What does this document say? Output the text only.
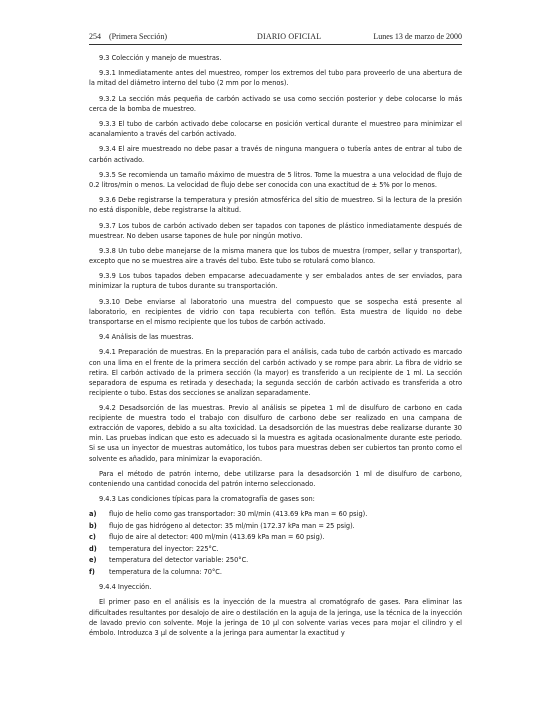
254 (Primera Sección)	DIARIO OFICIAL	Lunes 13 de marzo de 2000

9.3 Colección y manejo de muestras.

9.3.1 Inmediatamente antes del muestreo, romper los extremos del tubo para proveerlo de una abertura de la mitad del diámetro interno del tubo (2 mm por lo menos).

9.3.2 La sección más pequeña de carbón activado se usa como sección posterior y debe colocarse lo más cerca de la bomba de muestreo.

9.3.3 El tubo de carbón activado debe colocarse en posición vertical durante el muestreo para minimizar el acanalamiento a través del carbón activado.

9.3.4 El aire muestreado no debe pasar a través de ninguna manguera o tubería antes de entrar al tubo de carbón activado.

9.3.5 Se recomienda un tamaño máximo de muestra de 5 litros. Tome la muestra a una velocidad de flujo de 0.2 litros/min o menos. La velocidad de flujo debe ser conocida con una exactitud de ± 5% por lo menos.

9.3.6 Debe registrarse la temperatura y presión atmosférica del sitio de muestreo. Si la lectura de la presión no está disponible, debe registrarse la altitud.

9.3.7 Los tubos de carbón activado deben ser tapados con tapones de plástico inmediatamente después de muestrear. No deben usarse tapones de hule por ningún motivo.

9.3.8 Un tubo debe manejarse de la misma manera que los tubos de muestra (romper, sellar y transportar), excepto que no se muestrea aire a través del tubo. Este tubo se rotulará como blanco.

9.3.9 Los tubos tapados deben empacarse adecuadamente y ser embalados antes de ser enviados, para minimizar la ruptura de tubos durante su transportación.

9.3.10 Debe enviarse al laboratorio una muestra del compuesto que se sospecha está presente al laboratorio, en recipientes de vidrio con tapa recubierta con teflón. Esta muestra de líquido no debe transportarse en el mismo recipiente que los tubos de carbón activado.

9.4 Análisis de las muestras.

9.4.1 Preparación de muestras. En la preparación para el análisis, cada tubo de carbón activado es marcado con una lima en el frente de la primera sección del carbón activado y se rompe para abrir. La fibra de vidrio se retira. El carbón activado de la primera sección (la mayor) es transferido a un recipiente de 1 ml. La sección separadora de espuma es retirada y desechada; la segunda sección de carbón activado es transferida a otro recipiente o tubo. Estas dos secciones se analizan separadamente.

9.4.2 Desadsorción de las muestras. Previo al análisis se pipetea 1 ml de disulfuro de carbono en cada recipiente de muestra todo el trabajo con disulfuro de carbono debe ser realizado en una campana de extracción de vapores, debido a su alta toxicidad. La desadsorción de las muestras debe realizarse durante 30 min. Las pruebas indican que esto es adecuado si la muestra es agitada ocasionalmente durante este periodo. Si se usa un inyector de muestras automático, los tubos para muestras deben ser cubiertos tan pronto como el solvente es añadido, para minimizar la evaporación.

Para el método de patrón interno, debe utilizarse para la desadsorción 1 ml de disulfuro de carbono, conteniendo una cantidad conocida del patrón interno seleccionado.

9.4.3 Las condiciones típicas para la cromatografía de gases son:

a)	flujo de helio como gas transportador: 30 ml/min (413.69 kPa man = 60 psig).
b)	flujo de gas hidrógeno al detector: 35 ml/min (172.37 kPa man = 25 psig).
c)	flujo de aire al detector: 400 ml/min (413.69 kPa man = 60 psig).
d)	temperatura del inyector: 225°C.
e)	temperatura del detector variable: 250°C.
f)	temperatura de la columna: 70°C.

9.4.4 Inyección.

El primer paso en el análisis es la inyección de la muestra al cromatógrafo de gases. Para eliminar las dificultades resultantes por desalojo de aire o destilación en la aguja de la jeringa, use la técnica de la inyección de lavado previo con solvente. Moje la jeringa de 10 µl con solvente varias veces para mojar el cilindro y el émbolo. Introduzca 3 µl de solvente a la jeringa para aumentar la exactitud y
